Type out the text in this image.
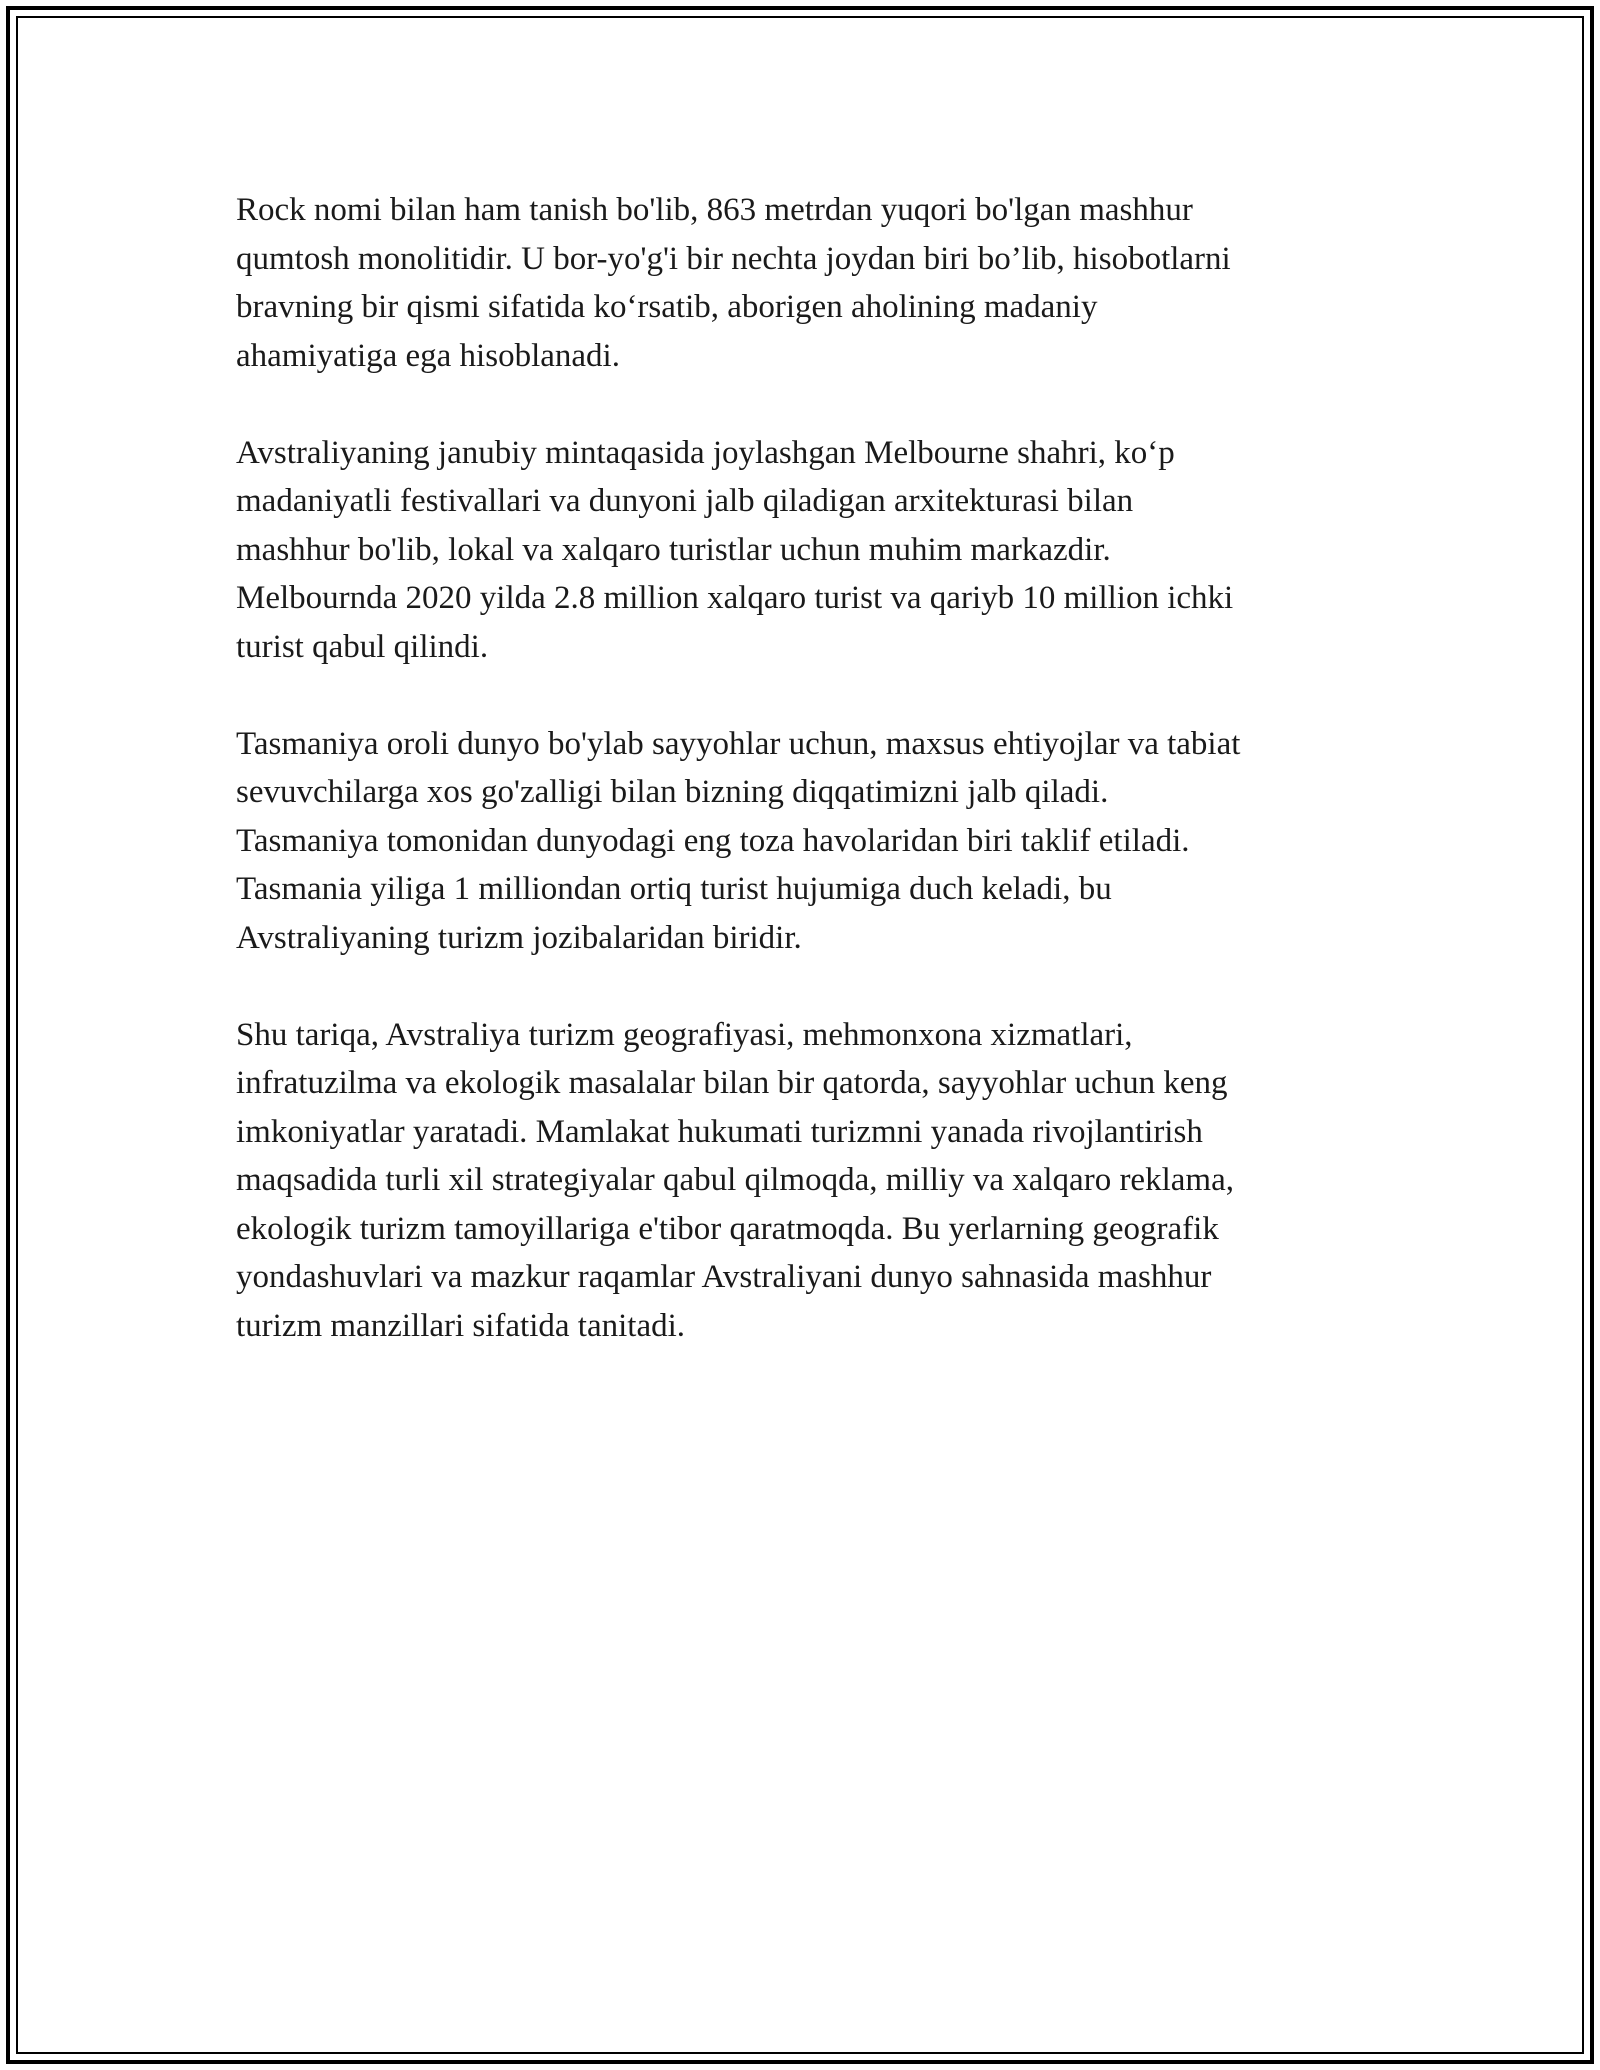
Rock nomi bilan ham tanish bo'lib, 863 metrdan yuqori bo'lgan mashhur
qumtosh monolitidir. U bor-yo'g'i bir nechta joydan biri bo’lib, hisobotlarni
bravning bir qismi sifatida ko‘rsatib, aborigen aholining madaniy
ahamiyatiga ega hisoblanadi.

Avstraliyaning janubiy mintaqasida joylashgan Melbourne shahri, ko‘p
madaniyatli festivallari va dunyoni jalb qiladigan arxitekturasi bilan
mashhur bo'lib, lokal va xalqaro turistlar uchun muhim markazdir.
Melbournda 2020 yilda 2.8 million xalqaro turist va qariyb 10 million ichki
turist qabul qilindi.

Tasmaniya oroli dunyo bo'ylab sayyohlar uchun, maxsus ehtiyojlar va tabiat
sevuvchilarga xos go'zalligi bilan bizning diqqatimizni jalb qiladi.
Tasmaniya tomonidan dunyodagi eng toza havolaridan biri taklif etiladi.
Tasmania yiliga 1 milliondan ortiq turist hujumiga duch keladi, bu
Avstraliyaning turizm jozibalaridan biridir.

Shu tariqa, Avstraliya turizm geografiyasi, mehmonxona xizmatlari,
infratuzilma va ekologik masalalar bilan bir qatorda, sayyohlar uchun keng
imkoniyatlar yaratadi. Mamlakat hukumati turizmni yanada rivojlantirish
maqsadida turli xil strategiyalar qabul qilmoqda, milliy va xalqaro reklama,
ekologik turizm tamoyillariga e'tibor qaratmoqda. Bu yerlarning geografik
yondashuvlari va mazkur raqamlar Avstraliyani dunyo sahnasida mashhur
turizm manzillari sifatida tanitadi.
